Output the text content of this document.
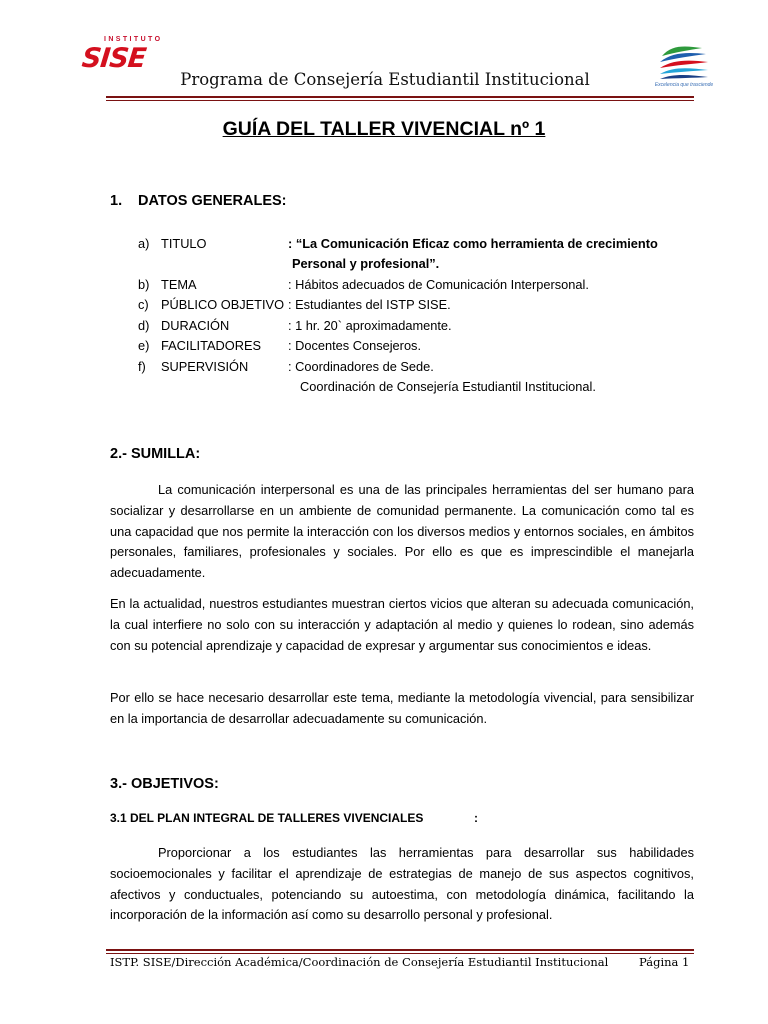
INSTITUTO
SISE
Excelencia que trasciende
Programa de Consejería Estudiantil Institucional
GUÍA DEL TALLER VIVENCIAL nº 1
1. DATOS GENERALES:
a) TITULO	: “La Comunicación Eficaz como herramienta de crecimiento
Personal y profesional”.
b) TEMA	: Hábitos adecuados de Comunicación Interpersonal.
c) PÚBLICO OBJETIVO : Estudiantes del ISTP SISE.
d) DURACIÓN	: 1 hr. 20` aproximadamente.
e) FACILITADORES : Docentes Consejeros.
f) SUPERVISIÓN	: Coordinadores de Sede.
Coordinación de Consejería Estudiantil Institucional.
2.- SUMILLA:

La comunicación interpersonal es una de las principales herramientas del ser humano para socializar y desarrollarse en un ambiente de comunidad permanente. La comunicación como tal es una capacidad que nos permite la interacción con los diversos medios y entornos sociales, en ámbitos personales, familiares, profesionales y sociales. Por ello es que es imprescindible el manejarla adecuadamente.

En la actualidad, nuestros estudiantes muestran ciertos vicios que alteran su adecuada comunicación, la cual interfiere no solo con su interacción y adaptación al medio y quienes lo rodean, sino además con su potencial aprendizaje y capacidad de expresar y argumentar sus conocimientos e ideas.

Por ello se hace necesario desarrollar este tema, mediante la metodología vivencial, para sensibilizar en la importancia de desarrollar adecuadamente su comunicación.

3.- OBJETIVOS:
3.1 DEL PLAN INTEGRAL DE TALLERES VIVENCIALES	:

Proporcionar a los estudiantes las herramientas para desarrollar sus habilidades socioemocionales y facilitar el aprendizaje de estrategias de manejo de sus aspectos cognitivos, afectivos y conductuales, potenciando su autoestima, con metodología dinámica, facilitando la incorporación de la información así como su desarrollo personal y profesional.

ISTP. SISE/Dirección Académica/Coordinación de Consejería Estudiantil Institucional	Página 1
